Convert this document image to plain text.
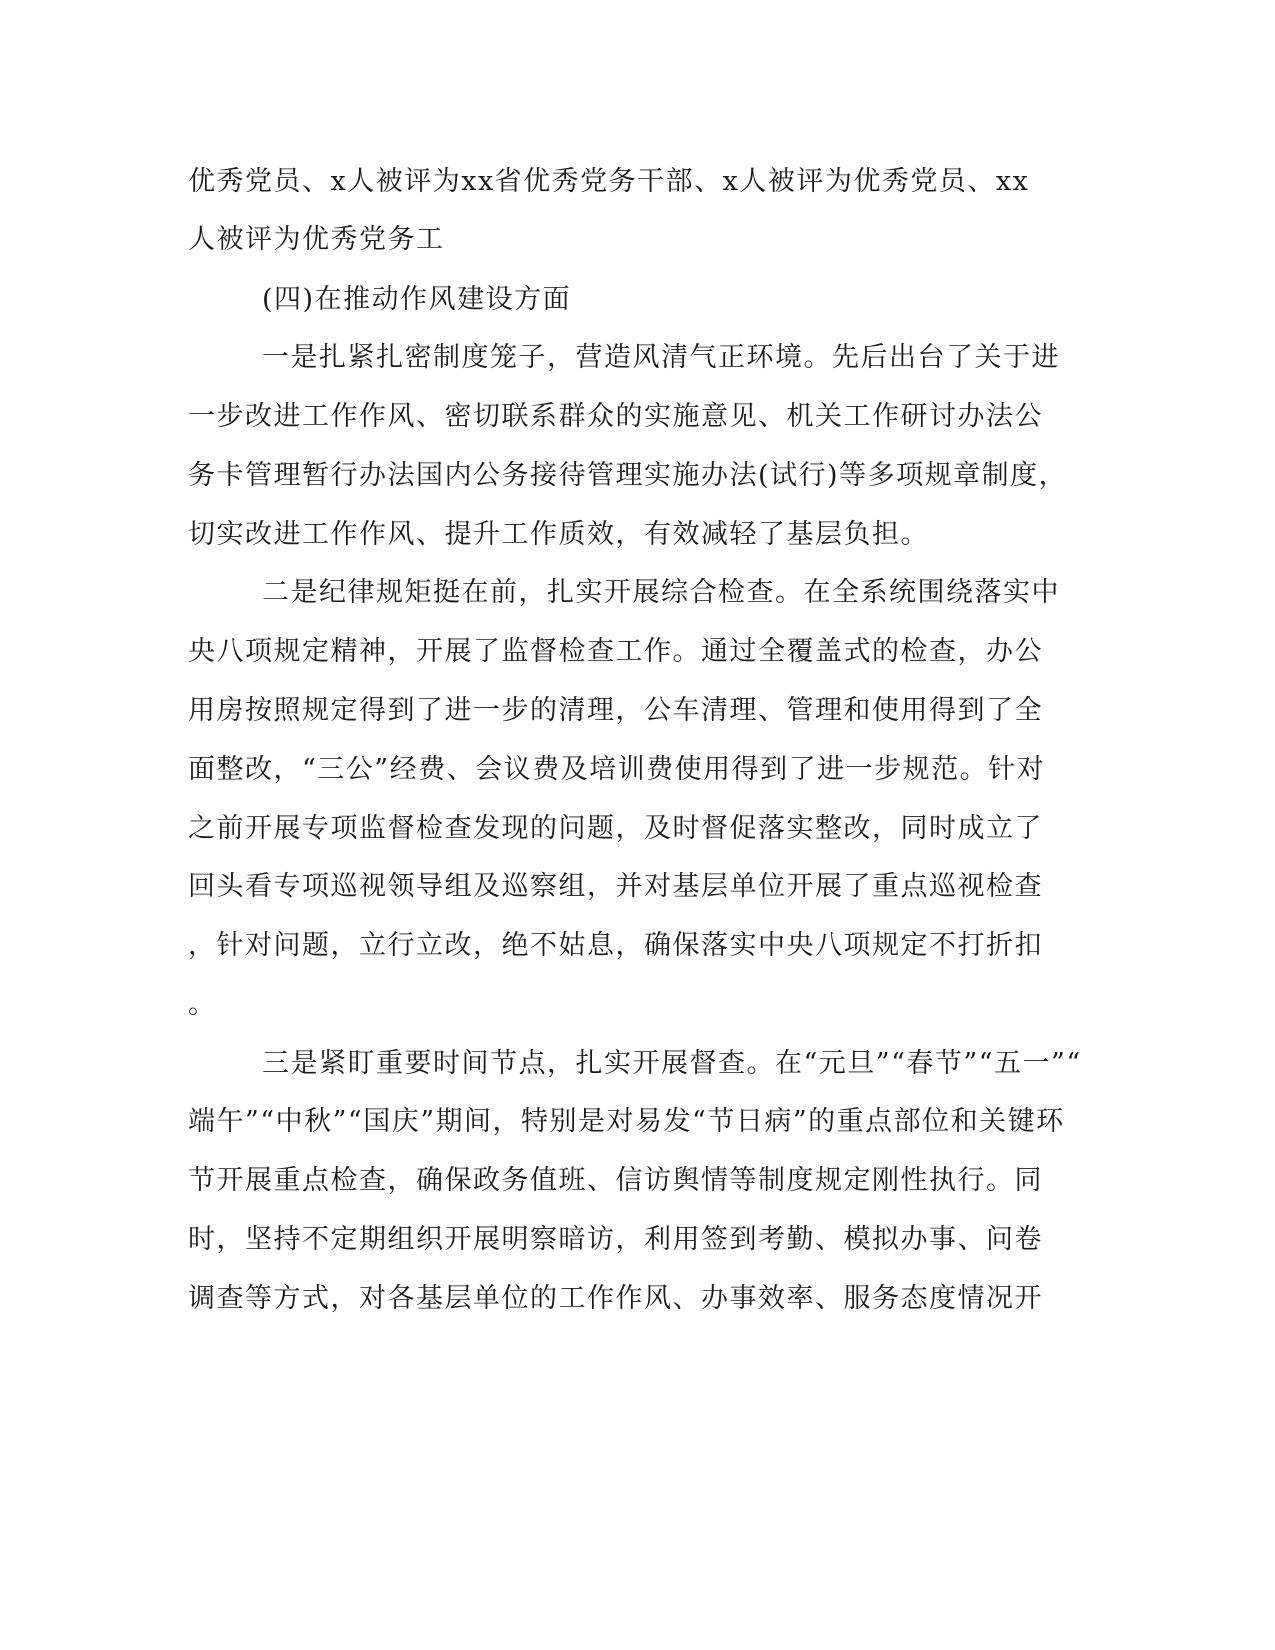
优秀党员、x人被评为xx省优秀党务干部、x人被评为优秀党员、xx
人被评为优秀党务工
(四)在推动作风建设方面
一是扎紧扎密制度笼子，营造风清气正环境。先后出台了关于进
一步改进工作作风、密切联系群众的实施意见、机关工作研讨办法公
务卡管理暂行办法国内公务接待管理实施办法(试行)等多项规章制度，
切实改进工作作风、提升工作质效，有效减轻了基层负担。
二是纪律规矩挺在前，扎实开展综合检查。在全系统围绕落实中
央八项规定精神，开展了监督检查工作。通过全覆盖式的检查，办公
用房按照规定得到了进一步的清理，公车清理、管理和使用得到了全
面整改，“三公”经费、会议费及培训费使用得到了进一步规范。针对
之前开展专项监督检查发现的问题，及时督促落实整改，同时成立了
回头看专项巡视领导组及巡察组，并对基层单位开展了重点巡视检查
，针对问题，立行立改，绝不姑息，确保落实中央八项规定不打折扣
。
三是紧盯重要时间节点，扎实开展督查。在“元旦”“春节”“五一”“
端午”“中秋”“国庆”期间，特别是对易发“节日病”的重点部位和关键环
节开展重点检查，确保政务值班、信访舆情等制度规定刚性执行。同
时，坚持不定期组织开展明察暗访，利用签到考勤、模拟办事、问卷
调查等方式，对各基层单位的工作作风、办事效率、服务态度情况开
